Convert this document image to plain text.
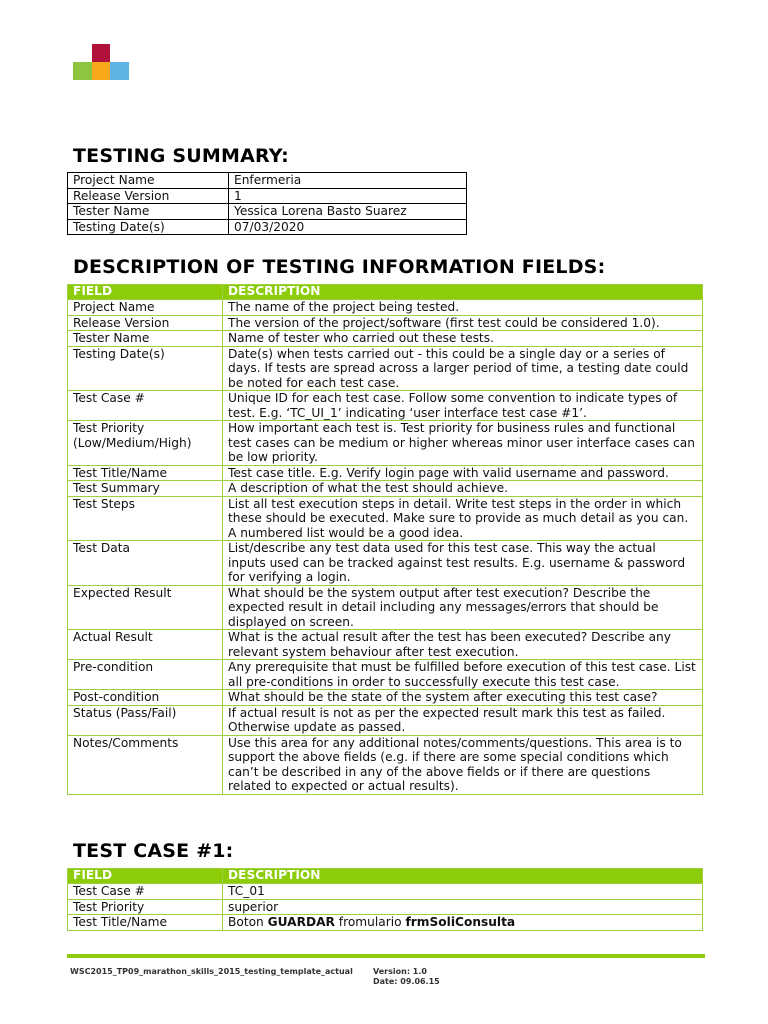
TESTING SUMMARY:
Project Name	Enfermeria
Release Version	1
Tester Name	Yessica Lorena Basto Suarez
Testing Date(s)	07/03/2020
DESCRIPTION OF TESTING INFORMATION FIELDS:
FIELD	DESCRIPTION
Project Name	The name of the project being tested.
Release Version	The version of the project/software (first test could be considered 1.0).
Tester Name	Name of tester who carried out these tests.
Testing Date(s)	Date(s) when tests carried out - this could be a single day or a series of days. If tests are spread across a larger period of time, a testing date could be noted for each test case.
Test Case #	Unique ID for each test case. Follow some convention to indicate types of test. E.g. ‘TC_UI_1’ indicating ‘user interface test case #1’.
Test Priority (Low/Medium/High)	How important each test is. Test priority for business rules and functional test cases can be medium or higher whereas minor user interface cases can be low priority.
Test Title/Name	Test case title. E.g. Verify login page with valid username and password.
Test Summary	A description of what the test should achieve.
Test Steps	List all test execution steps in detail. Write test steps in the order in which these should be executed. Make sure to provide as much detail as you can. A numbered list would be a good idea.
Test Data	List/describe any test data used for this test case. This way the actual inputs used can be tracked against test results. E.g. username & password for verifying a login.
Expected Result	What should be the system output after test execution? Describe the expected result in detail including any messages/errors that should be displayed on screen.
Actual Result	What is the actual result after the test has been executed? Describe any relevant system behaviour after test execution.
Pre-condition	Any prerequisite that must be fulfilled before execution of this test case. List all pre-conditions in order to successfully execute this test case.
Post-condition	What should be the state of the system after executing this test case?
Status (Pass/Fail)	If actual result is not as per the expected result mark this test as failed. Otherwise update as passed.
Notes/Comments	Use this area for any additional notes/comments/questions. This area is to support the above fields (e.g. if there are some special conditions which can’t be described in any of the above fields or if there are questions related to expected or actual results).
TEST CASE #1:
FIELD	DESCRIPTION
Test Case #	TC_01
Test Priority	superior
Test Title/Name	Boton GUARDAR fromulario frmSoliConsulta
WSC2015_TP09_marathon_skills_2015_testing_template_actual	Version: 1.0
Date: 09.06.15
